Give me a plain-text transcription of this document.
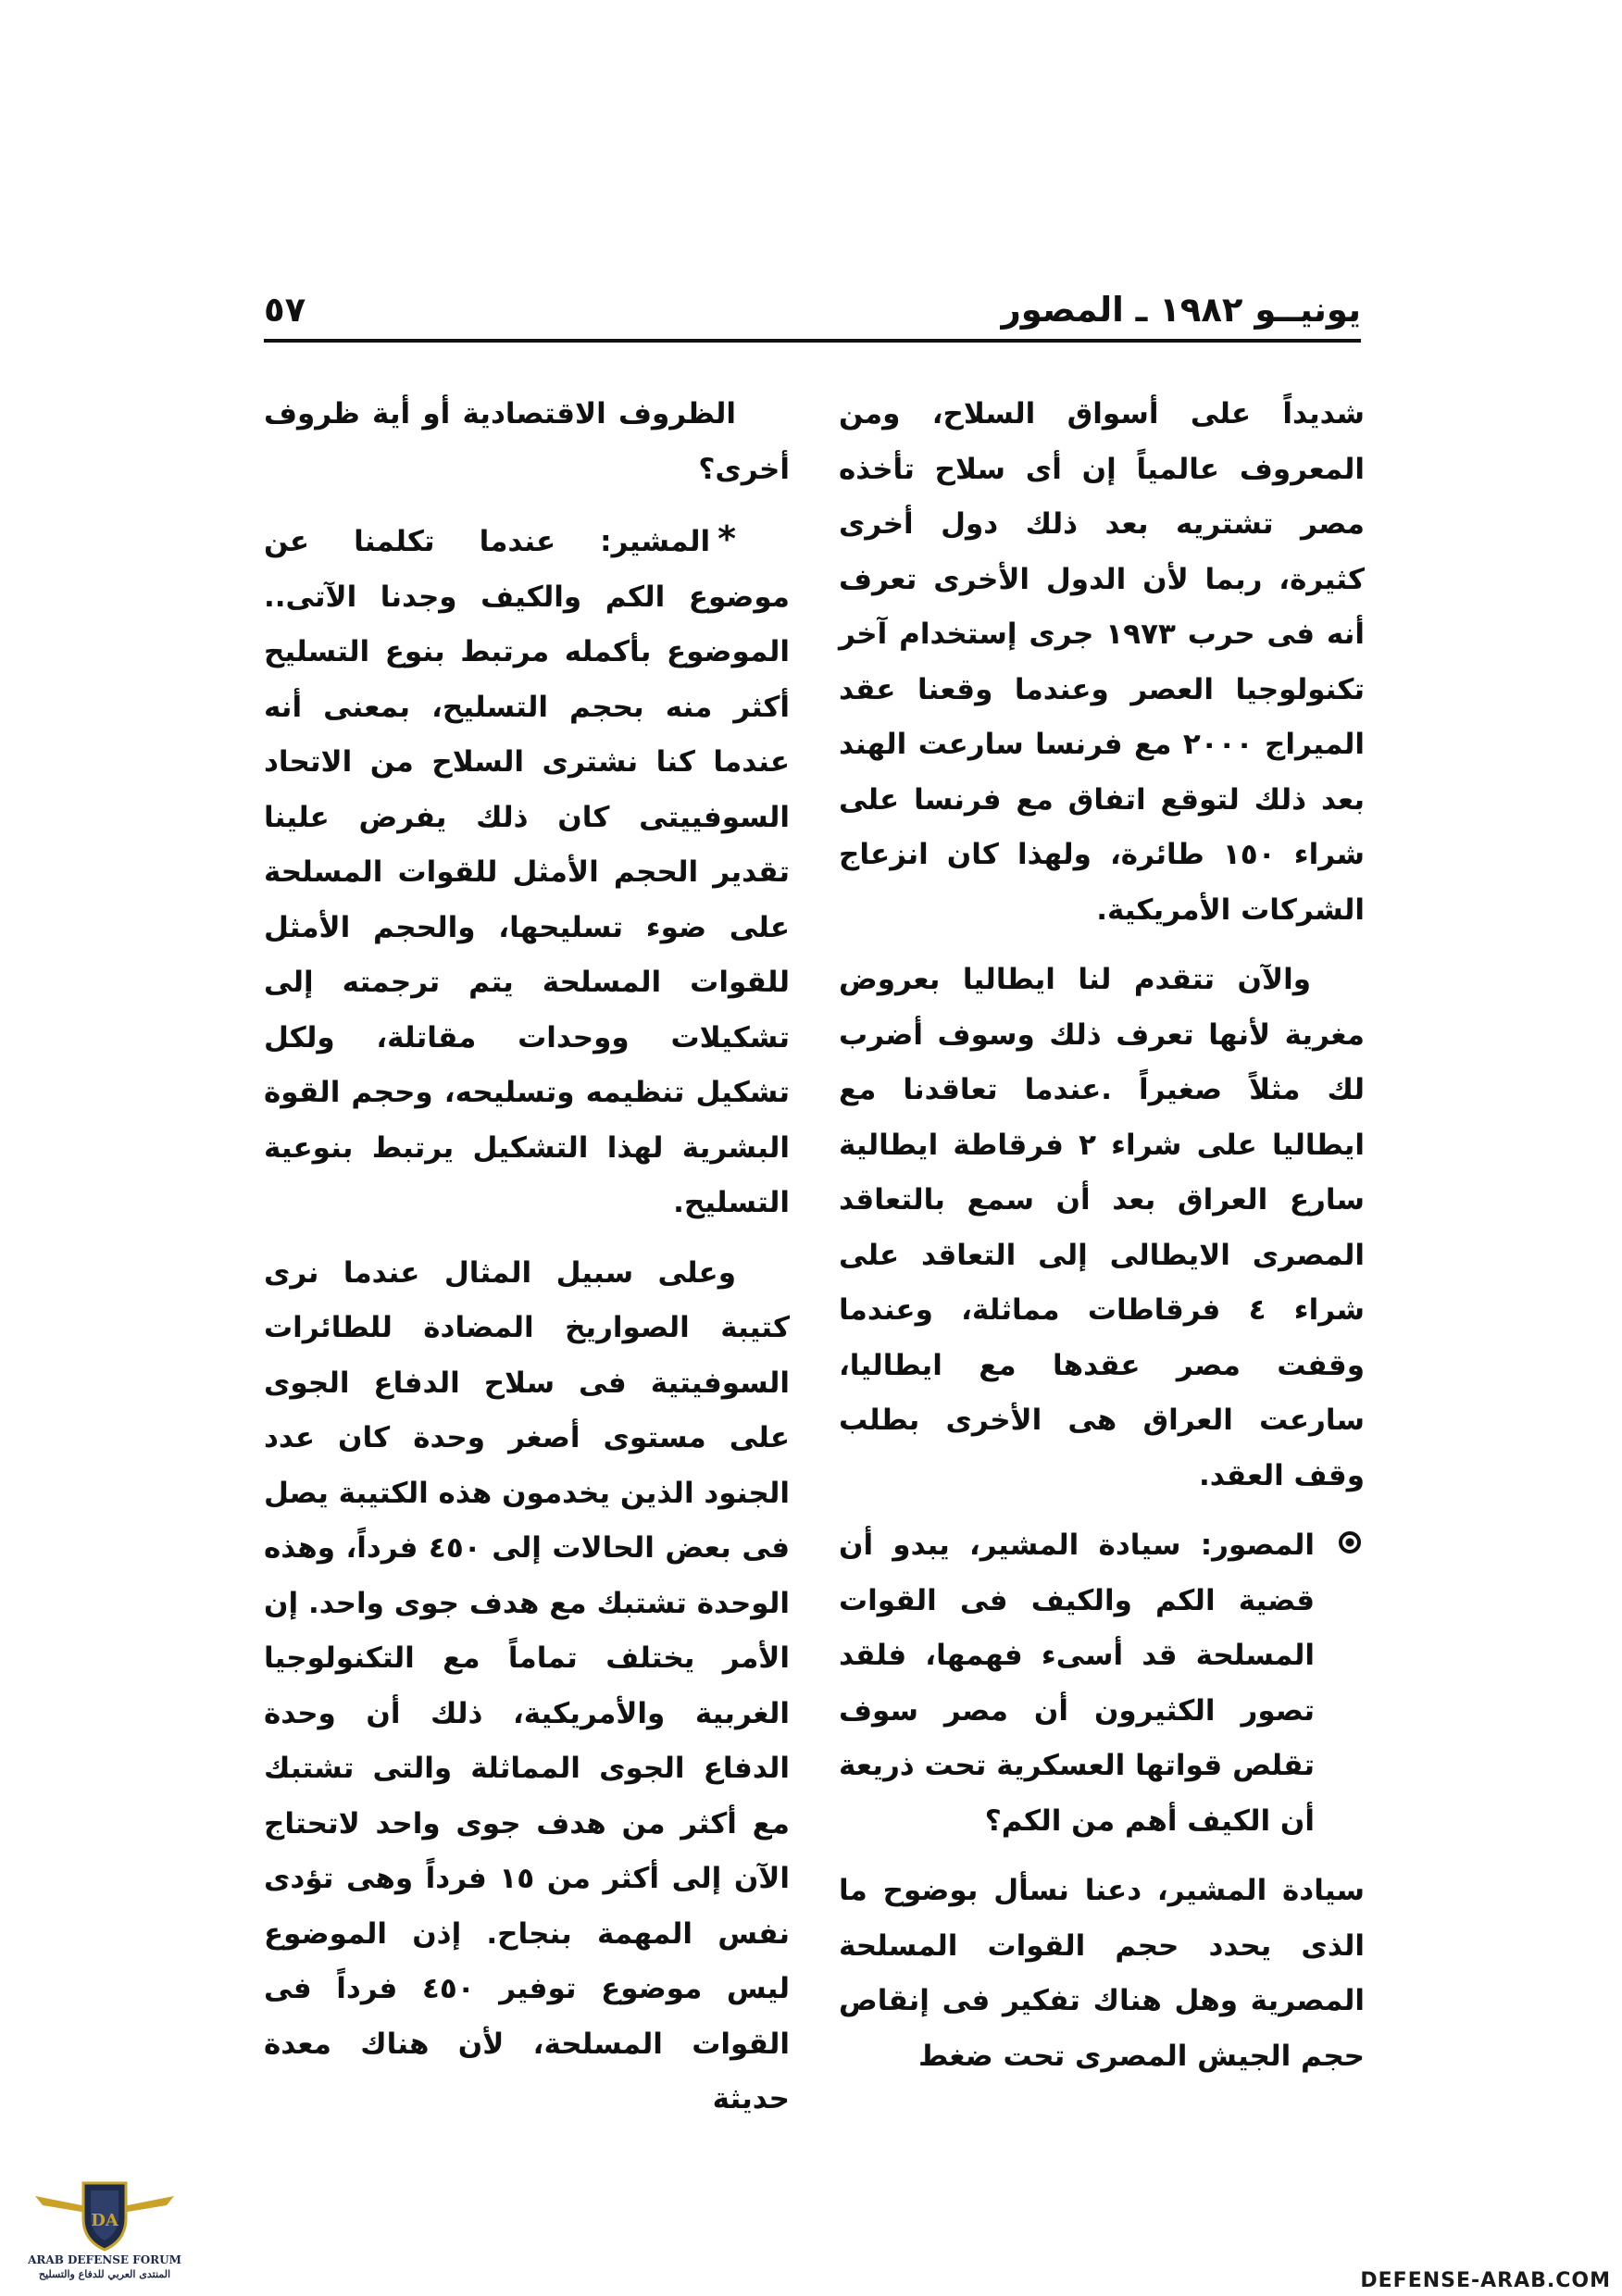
يونيــو ١٩٨٢ ـ المصور
٥٧

شديداً على أسواق السلاح، ومن المعروف عالمياً إن أى سلاح تأخذه مصر تشتريه بعد ذلك دول أخرى كثيرة، ربما لأن الدول الأخرى تعرف أنه فى حرب ١٩٧٣ جرى إستخدام آخر تكنولوجيا العصر وعندما وقعنا عقد الميراج ٢٠٠٠ مع فرنسا سارعت الهند بعد ذلك لتوقع اتفاق مع فرنسا على شراء ١٥٠ طائرة، ولهذا كان انزعاج الشركات الأمريكية.

والآن تتقدم لنا ايطاليا بعروض مغرية لأنها تعرف ذلك وسوف أضرب لك مثلاً صغيراً .عندما تعاقدنا مع ايطاليا على شراء ٢ فرقاطة ايطالية سارع العراق بعد أن سمع بالتعاقد المصرى الايطالى إلى التعاقد على شراء ٤ فرقاطات مماثلة، وعندما وقفت مصر عقدها مع ايطاليا، سارعت العراق هى الأخرى بطلب وقف العقد.

المصور: سيادة المشير، يبدو أن قضية الكم والكيف فى القوات المسلحة قد أسىء فهمها، فلقد تصور الكثيرون أن مصر سوف تقلص قواتها العسكرية تحت ذريعة أن الكيف أهم من الكم؟

سيادة المشير، دعنا نسأل بوضوح ما الذى يحدد حجم القوات المسلحة المصرية وهل هناك تفكير فى إنقاص حجم الجيش المصرى تحت ضغط

الظروف الاقتصادية أو أية ظروف أخرى؟

*المشير: عندما تكلمنا عن موضوع الكم والكيف وجدنا الآتى.. الموضوع بأكمله مرتبط بنوع التسليح أكثر منه بحجم التسليح، بمعنى أنه عندما كنا نشترى السلاح من الاتحاد السوفييتى كان ذلك يفرض علينا تقدير الحجم الأمثل للقوات المسلحة على ضوء تسليحها، والحجم الأمثل للقوات المسلحة يتم ترجمته إلى تشكيلات ووحدات مقاتلة، ولكل تشكيل تنظيمه وتسليحه، وحجم القوة البشرية لهذا التشكيل يرتبط بنوعية التسليح.

وعلى سبيل المثال عندما نرى كتيبة الصواريخ المضادة للطائرات السوفيتية فى سلاح الدفاع الجوى على مستوى أصغر وحدة كان عدد الجنود الذين يخدمون هذه الكتيبة يصل فى بعض الحالات إلى ٤٥٠ فرداً، وهذه الوحدة تشتبك مع هدف جوى واحد. إن الأمر يختلف تماماً مع التكنولوجيا الغربية والأمريكية، ذلك أن وحدة الدفاع الجوى المماثلة والتى تشتبك مع أكثر من هدف جوى واحد لاتحتاج الآن إلى أكثر من ١٥ فرداً وهى تؤدى نفس المهمة بنجاح. إذن الموضوع ليس موضوع توفير ٤٥٠ فرداً فى القوات المسلحة، لأن هناك معدة حديثة

DA
ARAB DEFENSE FORUM
المنتدى العربي للدفاع والتسليح	DEFENSE-ARAB.COM
